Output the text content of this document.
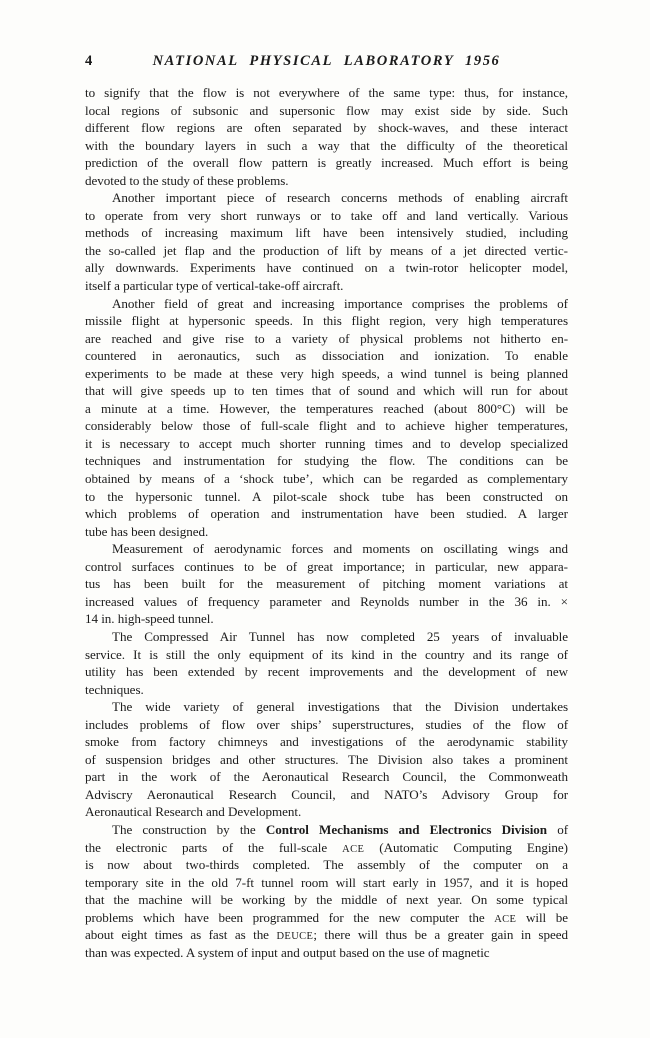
4	NATIONAL PHYSICAL LABORATORY 1956
to signify that the flow is not everywhere of the same type: thus, for instance,
local regions of subsonic and supersonic flow may exist side by side. Such
different flow regions are often separated by shock-waves, and these interact
with the boundary layers in such a way that the difficulty of the theoretical
prediction of the overall flow pattern is greatly increased. Much effort is being
devoted to the study of these problems.
Another important piece of research concerns methods of enabling aircraft
to operate from very short runways or to take off and land vertically. Various
methods of increasing maximum lift have been intensively studied, including
the so-called jet flap and the production of lift by means of a jet directed vertic-
ally downwards. Experiments have continued on a twin-rotor helicopter model,
itself a particular type of vertical-take-off aircraft.
Another field of great and increasing importance comprises the problems of
missile flight at hypersonic speeds. In this flight region, very high temperatures
are reached and give rise to a variety of physical problems not hitherto en-
countered in aeronautics, such as dissociation and ionization. To enable
experiments to be made at these very high speeds, a wind tunnel is being planned
that will give speeds up to ten times that of sound and which will run for about
a minute at a time. However, the temperatures reached (about 800°C) will be
considerably below those of full-scale flight and to achieve higher temperatures,
it is necessary to accept much shorter running times and to develop specialized
techniques and instrumentation for studying the flow. The conditions can be
obtained by means of a ‘shock tube’, which can be regarded as complementary
to the hypersonic tunnel. A pilot-scale shock tube has been constructed on
which problems of operation and instrumentation have been studied. A larger
tube has been designed.
Measurement of aerodynamic forces and moments on oscillating wings and
control surfaces continues to be of great importance; in particular, new appara-
tus has been built for the measurement of pitching moment variations at
increased values of frequency parameter and Reynolds number in the 36 in. ×
14 in. high-speed tunnel.
The Compressed Air Tunnel has now completed 25 years of invaluable
service. It is still the only equipment of its kind in the country and its range of
utility has been extended by recent improvements and the development of new
techniques.
The wide variety of general investigations that the Division undertakes
includes problems of flow over ships’ superstructures, studies of the flow of
smoke from factory chimneys and investigations of the aerodynamic stability
of suspension bridges and other structures. The Division also takes a prominent
part in the work of the Aeronautical Research Council, the Commonweath
Adviscry Aeronautical Research Council, and NATO’s Advisory Group for
Aeronautical Research and Development.
The construction by the Control Mechanisms and Electronics Division of
the electronic parts of the full-scale ACE (Automatic Computing Engine)
is now about two-thirds completed. The assembly of the computer on a
temporary site in the old 7-ft tunnel room will start early in 1957, and it is hoped
that the machine will be working by the middle of next year. On some typical
problems which have been programmed for the new computer the ACE will be
about eight times as fast as the DEUCE; there will thus be a greater gain in speed
than was expected. A system of input and output based on the use of magnetic
